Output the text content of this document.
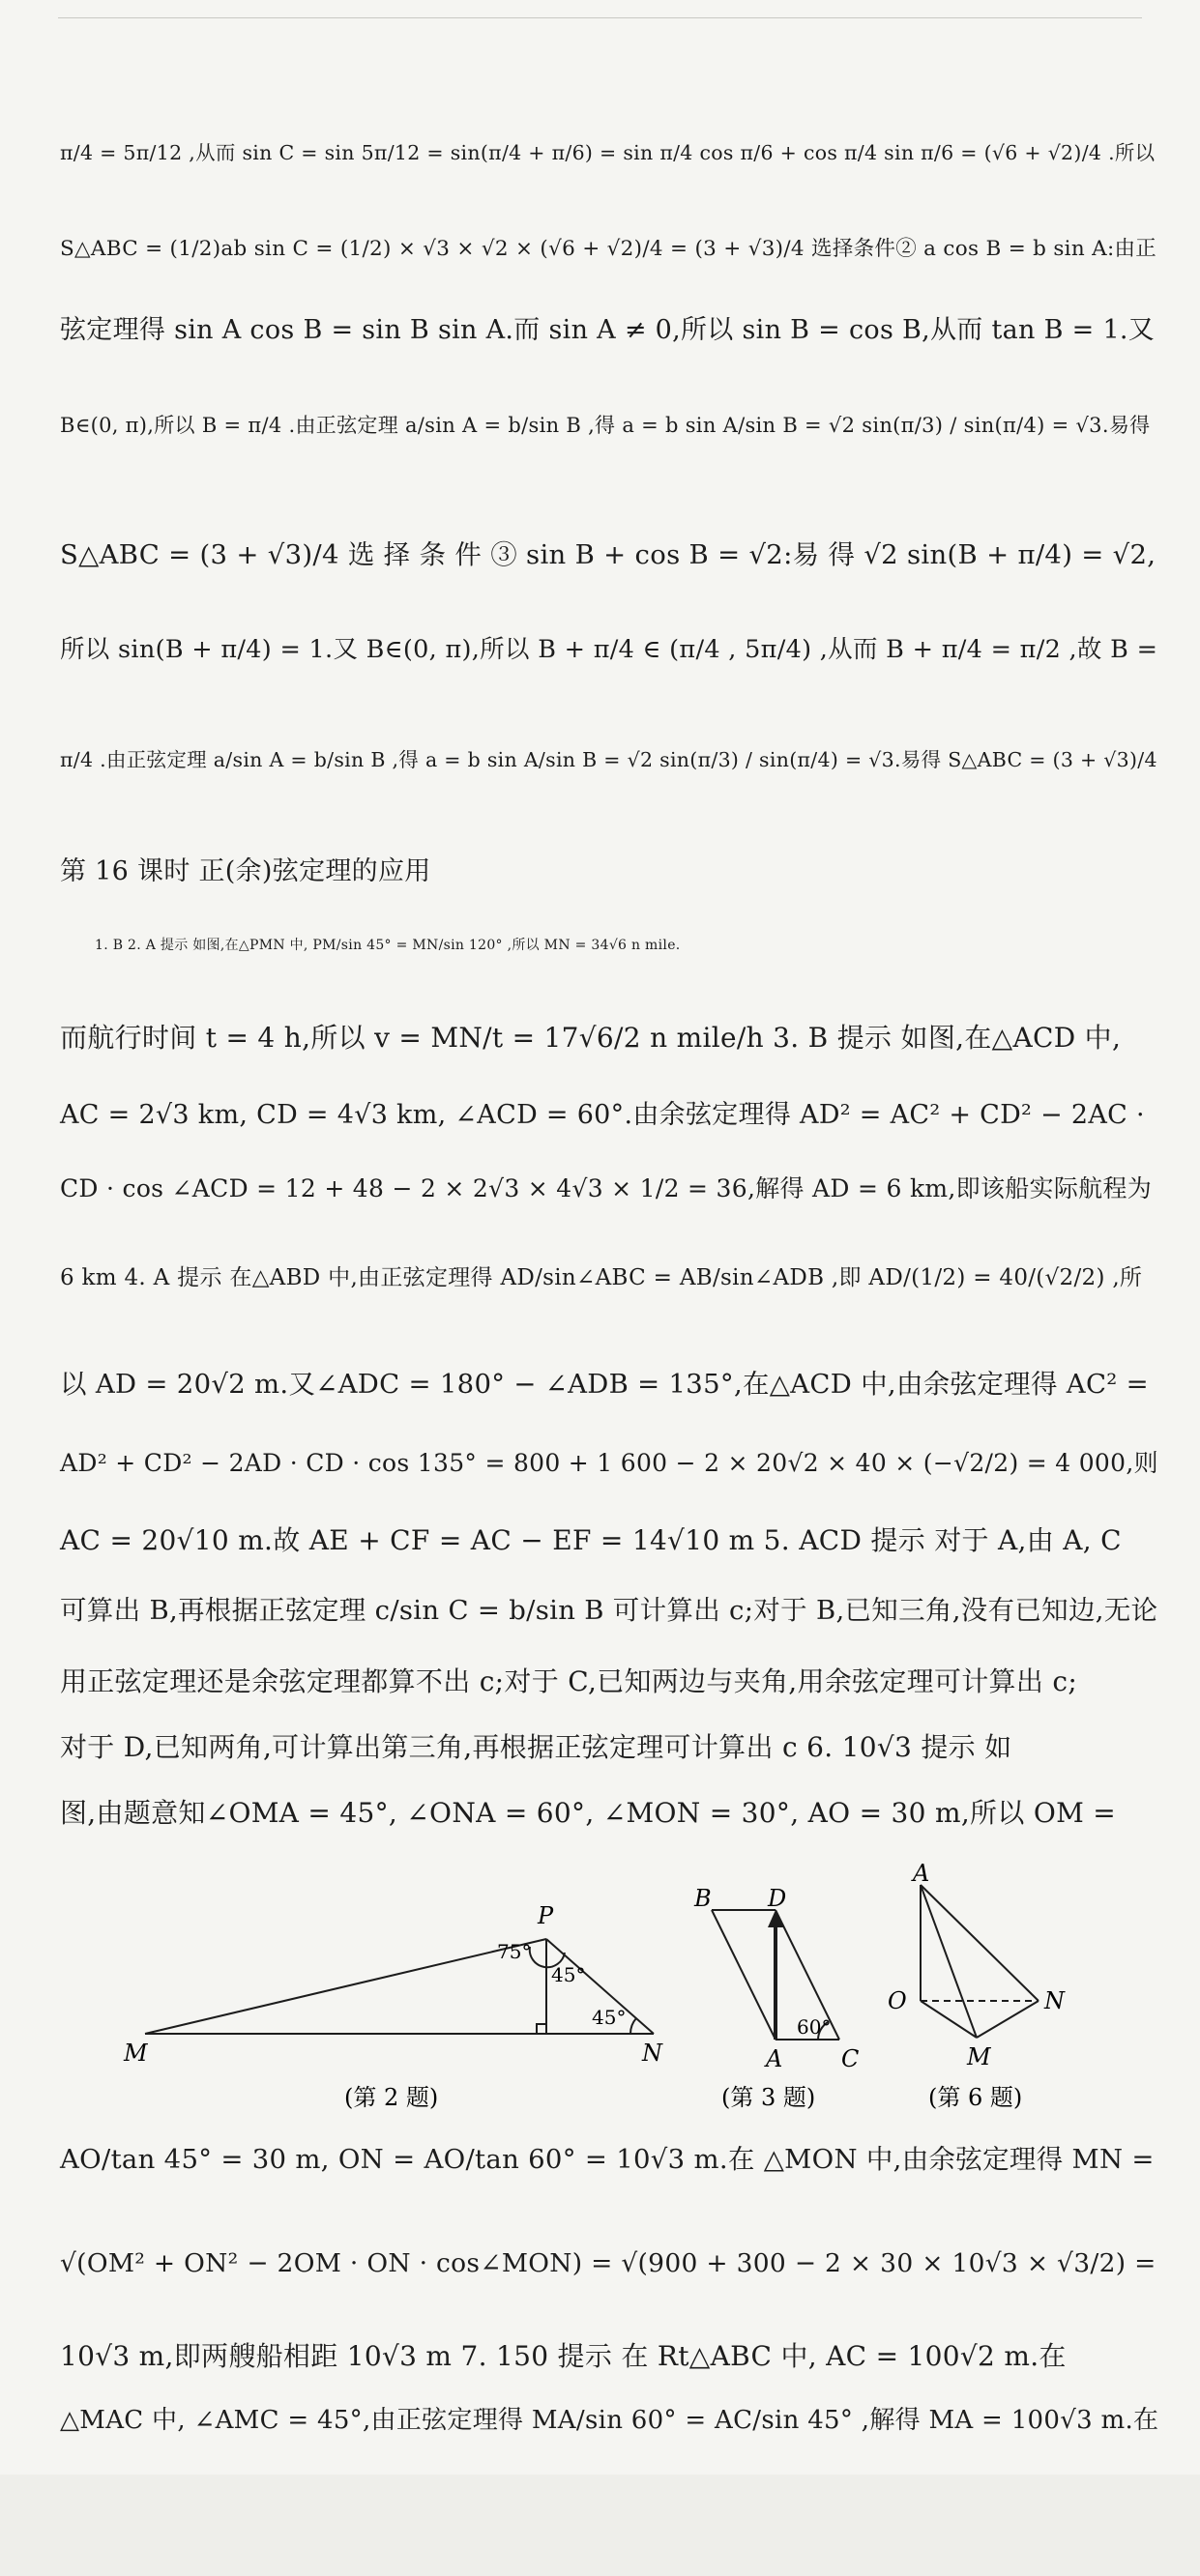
π/4 = 5π/12 ,从而 sin C = sin 5π/12 = sin(π/4 + π/6) = sin π/4 cos π/6 + cos π/4 sin π/6 = (√6 + √2)/4 .所以
S△ABC = (1/2)ab sin C = (1/2) × √3 × √2 × (√6 + √2)/4 = (3 + √3)/4 选择条件② a cos B = b sin A:由正
弦定理得 sin A cos B = sin B sin A.而 sin A ≠ 0,所以 sin B = cos B,从而 tan B = 1.又
B∈(0, π),所以 B = π/4 .由正弦定理 a/sin A = b/sin B ,得 a = b sin A/sin B = √2 sin(π/3) / sin(π/4) = √3.易得
S△ABC = (3 + √3)/4 选 择 条 件 ③ sin B + cos B = √2:易 得 √2 sin(B + π/4) = √2,
所以 sin(B + π/4) = 1.又 B∈(0, π),所以 B + π/4 ∈ (π/4 , 5π/4) ,从而 B + π/4 = π/2 ,故 B =
π/4 .由正弦定理 a/sin A = b/sin B ,得 a = b sin A/sin B = √2 sin(π/3) / sin(π/4) = √3.易得 S△ABC = (3 + √3)/4
第 16 课时 正(余)弦定理的应用
1. B 2. A 提示 如图,在△PMN 中, PM/sin 45° = MN/sin 120° ,所以 MN = 34√6 n mile.
而航行时间 t = 4 h,所以 v = MN/t = 17√6/2 n mile/h 3. B 提示 如图,在△ACD 中,
AC = 2√3 km, CD = 4√3 km, ∠ACD = 60°.由余弦定理得 AD² = AC² + CD² − 2AC ·
CD · cos ∠ACD = 12 + 48 − 2 × 2√3 × 4√3 × 1/2 = 36,解得 AD = 6 km,即该船实际航程为
6 km 4. A 提示 在△ABD 中,由正弦定理得 AD/sin∠ABC = AB/sin∠ADB ,即 AD/(1/2) = 40/(√2/2) ,所
以 AD = 20√2 m.又∠ADC = 180° − ∠ADB = 135°,在△ACD 中,由余弦定理得 AC² =
AD² + CD² − 2AD · CD · cos 135° = 800 + 1 600 − 2 × 20√2 × 40 × (−√2/2) = 4 000,则
AC = 20√10 m.故 AE + CF = AC − EF = 14√10 m 5. ACD 提示 对于 A,由 A, C
可算出 B,再根据正弦定理 c/sin C = b/sin B 可计算出 c;对于 B,已知三角,没有已知边,无论
用正弦定理还是余弦定理都算不出 c;对于 C,已知两边与夹角,用余弦定理可计算出 c;
对于 D,已知两角,可计算出第三角,再根据正弦定理可计算出 c 6. 10√3 提示 如
图,由题意知∠OMA = 45°, ∠ONA = 60°, ∠MON = 30°, AO = 30 m,所以 OM =
M
P
N
75°
45°
45°
(第 2 题)
B D
A	C
60°
(第 3 题)
A
O	N
M
(第 6 题)
AO/tan 45° = 30 m, ON = AO/tan 60° = 10√3 m.在 △MON 中,由余弦定理得 MN =
√(OM² + ON² − 2OM · ON · cos∠MON) = √(900 + 300 − 2 × 30 × 10√3 × √3/2) =
10√3 m,即两艘船相距 10√3 m 7. 150 提示 在 Rt△ABC 中, AC = 100√2 m.在
△MAC 中, ∠AMC = 45°,由正弦定理得 MA/sin 60° = AC/sin 45° ,解得 MA = 100√3 m.在
